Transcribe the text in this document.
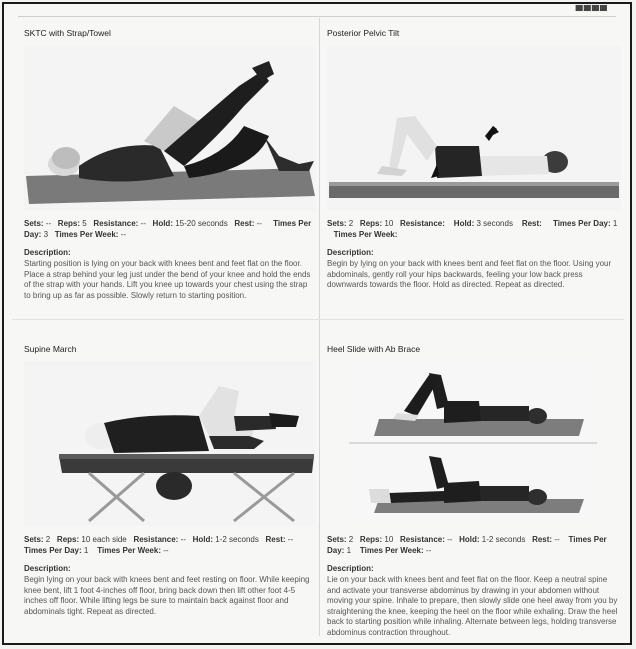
▄▄▄▄
SKTC with Strap/Towel
Sets: -- Reps: 5 Resistance: -- Hold: 15-20 seconds Rest: -- Times Per Day: 3 Times Per Week: --
Description:
Starting position is lying on your back with knees bent and feet flat on the floor. Place a strap behind your leg just under the bend of your knee and hold the ends of the strap with your hands. Lift you knee up towards your chest using the strap to bring up as far as possible. Slowly return to starting position.
Posterior Pelvic Tilt
Sets: 2 Reps: 10 Resistance: Hold: 3 seconds Rest: Times Per Day: 1    Times Per Week:
Description:
Begin by lying on your back with knees bent and feet flat on the floor. Using your abdominals, gently roll your hips backwards, feeling your low back press downwards towards the floor. Hold as directed. Repeat as directed.
Supine March
Sets: 2 Reps: 10 each side Resistance: -- Hold: 1-2 seconds Rest: -- Times Per Day: 1 Times Per Week: --
Description:
Begin lying on your back with knees bent and feet resting on floor. While keeping knee bent, lift 1 foot 4-inches off floor, bring back down then lift other foot 4-5 inches off floor. While lifting legs be sure to maintain back against floor and abdominals tight. Repeat as directed.
Heel Slide with Ab Brace
Sets: 2 Reps: 10 Resistance: -- Hold: 1-2 seconds Rest: -- Times Per Day: 1 Times Per Week: --
Description:
Lie on your back with knees bent and feet flat on the floor. Keep a neutral spine and activate your transverse abdominus by drawing in your abdomen without moving your spine. Inhale to prepare, then slowly slide one heel away from you by straightening the knee, keeping the heel on the floor while exhaling. Draw the heel back to starting position while inhaling. Alternate between legs, holding transverse abdominus contraction throughout.
